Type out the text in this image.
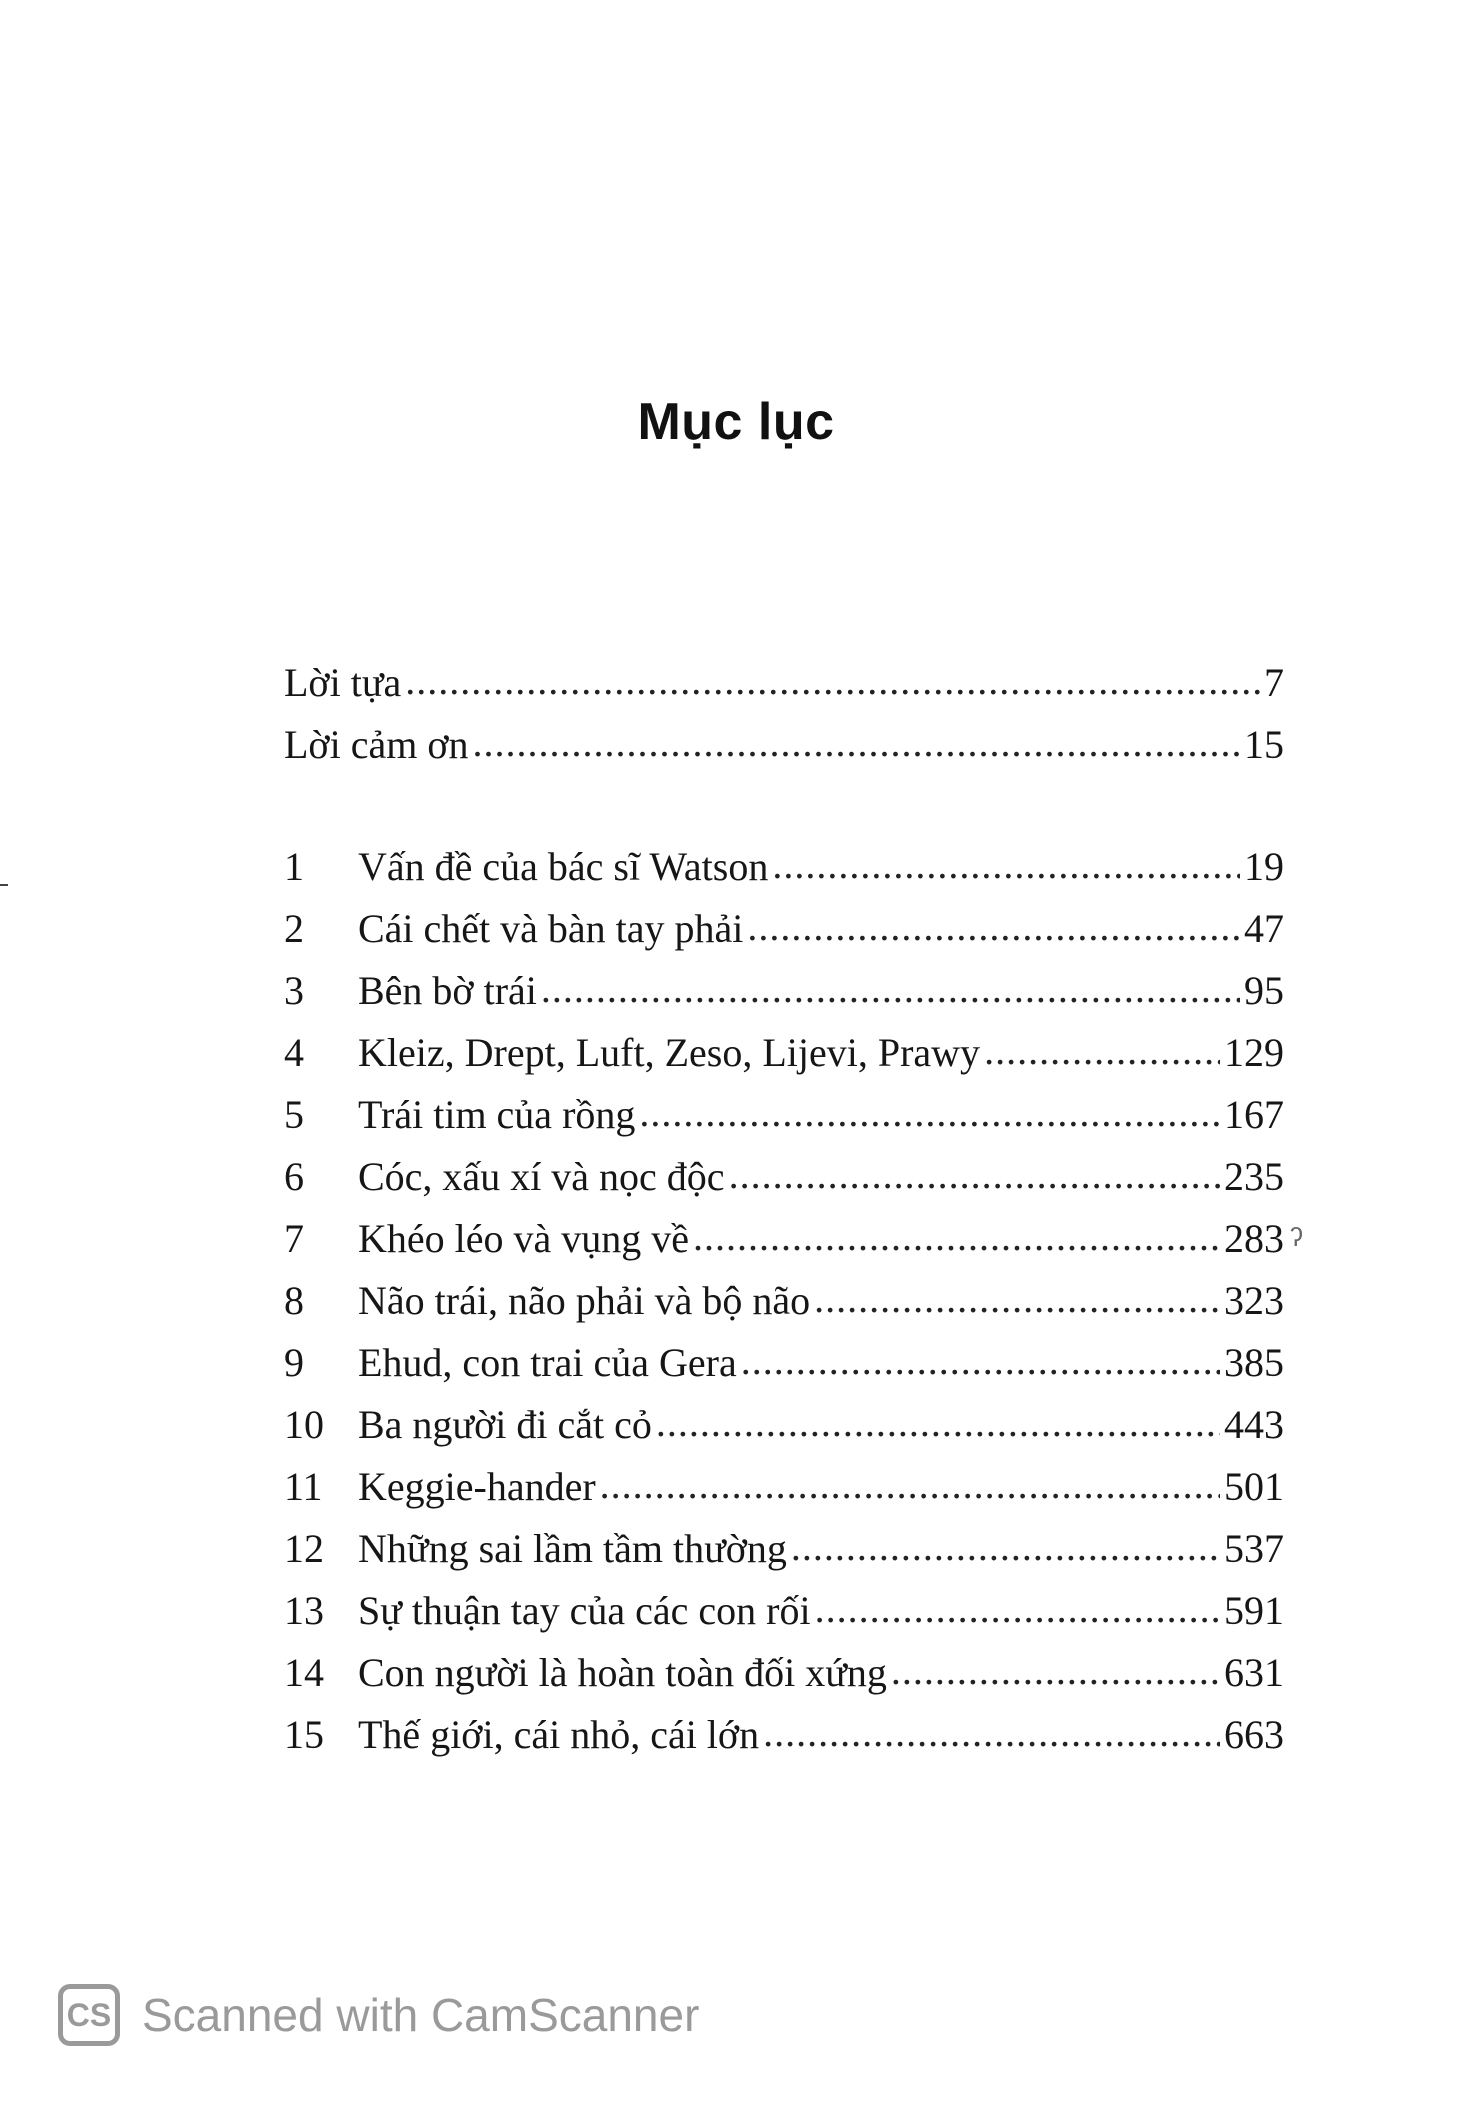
Mục lục
Lời tựa .....	7
Lời cảm ơn .....	15
1	Vấn đề của bác sĩ Watson .....	19
2	Cái chết và bàn tay phải .....	47
3	Bên bờ trái .....	95
4	Kleiz, Drept, Luft, Zeso, Lijevi, Prawy .....	129
5	Trái tim của rồng .....	167
6	Cóc, xấu xí và nọc độc .....	235
7	Khéo léo và vụng về .....	283
8	Não trái, não phải và bộ não .....	323
9	Ehud, con trai của Gera .....	385
10 Ba người đi cắt cỏ .....	443
11 Keggie-hander .....	501
12 Những sai lầm tầm thường .....	537
13 Sự thuận tay của các con rối .....	591
14 Con người là hoàn toàn đối xứng .....	631
15 Thế giới, cái nhỏ, cái lớn .....	663
ʔ
CS Scanned with CamScanner
